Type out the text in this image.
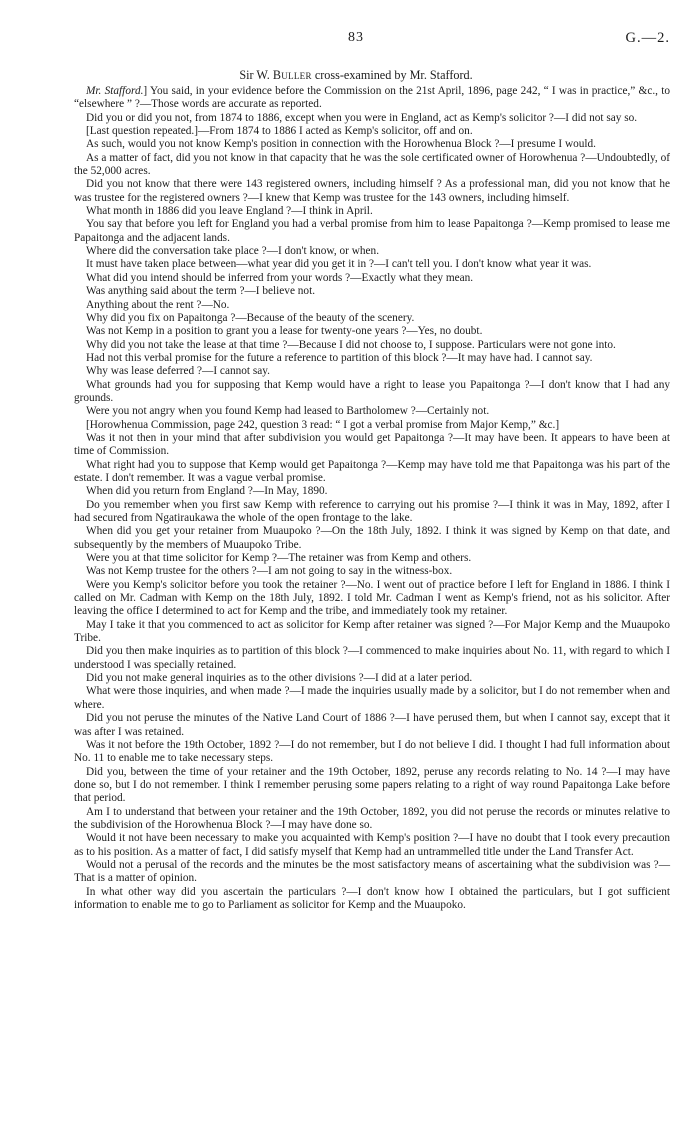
83	G.—2.
Sir W. Buller cross-examined by Mr. Stafford.

Mr. Stafford.] You said, in your evidence before the Commission on the 21st April, 1896, page 242, “ I was in practice,” &c., to “elsewhere ” ?—Those words are accurate as reported.

Did you or did you not, from 1874 to 1886, except when you were in England, act as Kemp's solicitor ?—I did not say so.

[Last question repeated.]—From 1874 to 1886 I acted as Kemp's solicitor, off and on.

As such, would you not know Kemp's position in connection with the Horowhenua Block ?—I presume I would.

As a matter of fact, did you not know in that capacity that he was the sole certificated owner of Horowhenua ?—Undoubtedly, of the 52,000 acres.

Did you not know that there were 143 registered owners, including himself ? As a professional man, did you not know that he was trustee for the registered owners ?—I knew that Kemp was trustee for the 143 owners, including himself.

What month in 1886 did you leave England ?—I think in April.

You say that before you left for England you had a verbal promise from him to lease Papaitonga ?—Kemp promised to lease me Papaitonga and the adjacent lands.

Where did the conversation take place ?—I don't know, or when.

It must have taken place between—what year did you get it in ?—I can't tell you. I don't know what year it was.

What did you intend should be inferred from your words ?—Exactly what they mean.

Was anything said about the term ?—I believe not.

Anything about the rent ?—No.

Why did you fix on Papaitonga ?—Because of the beauty of the scenery.

Was not Kemp in a position to grant you a lease for twenty-one years ?—Yes, no doubt.

Why did you not take the lease at that time ?—Because I did not choose to, I suppose. Particulars were not gone into.

Had not this verbal promise for the future a reference to partition of this block ?—It may have had. I cannot say.

Why was lease deferred ?—I cannot say.

What grounds had you for supposing that Kemp would have a right to lease you Papaitonga ?—I don't know that I had any grounds.

Were you not angry when you found Kemp had leased to Bartholomew ?—Certainly not.

[Horowhenua Commission, page 242, question 3 read: “ I got a verbal promise from Major Kemp,” &c.]

Was it not then in your mind that after subdivision you would get Papaitonga ?—It may have been. It appears to have been at time of Commission.

What right had you to suppose that Kemp would get Papaitonga ?—Kemp may have told me that Papaitonga was his part of the estate. I don't remember. It was a vague verbal promise.

When did you return from England ?—In May, 1890.

Do you remember when you first saw Kemp with reference to carrying out his promise ?—I think it was in May, 1892, after I had secured from Ngatiraukawa the whole of the open frontage to the lake.

When did you get your retainer from Muaupoko ?—On the 18th July, 1892. I think it was signed by Kemp on that date, and subsequently by the members of Muaupoko Tribe.

Were you at that time solicitor for Kemp ?—The retainer was from Kemp and others.

Was not Kemp trustee for the others ?—I am not going to say in the witness-box.

Were you Kemp's solicitor before you took the retainer ?—No. I went out of practice before I left for England in 1886. I think I called on Mr. Cadman with Kemp on the 18th July, 1892. I told Mr. Cadman I went as Kemp's friend, not as his solicitor. After leaving the office I determined to act for Kemp and the tribe, and immediately took my retainer.

May I take it that you commenced to act as solicitor for Kemp after retainer was signed ?—For Major Kemp and the Muaupoko Tribe.

Did you then make inquiries as to partition of this block ?—I commenced to make inquiries about No. 11, with regard to which I understood I was specially retained.

Did you not make general inquiries as to the other divisions ?—I did at a later period.

What were those inquiries, and when made ?—I made the inquiries usually made by a solicitor, but I do not remember when and where.

Did you not peruse the minutes of the Native Land Court of 1886 ?—I have perused them, but when I cannot say, except that it was after I was retained.

Was it not before the 19th October, 1892 ?—I do not remember, but I do not believe I did. I thought I had full information about No. 11 to enable me to take necessary steps.

Did you, between the time of your retainer and the 19th October, 1892, peruse any records relating to No. 14 ?—I may have done so, but I do not remember. I think I remember perusing some papers relating to a right of way round Papaitonga Lake before that period.

Am I to understand that between your retainer and the 19th October, 1892, you did not peruse the records or minutes relative to the subdivision of the Horowhenua Block ?—I may have done so.

Would it not have been necessary to make you acquainted with Kemp's position ?—I have no doubt that I took every precaution as to his position. As a matter of fact, I did satisfy myself that Kemp had an untrammelled title under the Land Transfer Act.

Would not a perusal of the records and the minutes be the most satisfactory means of ascertaining what the subdivision was ?—That is a matter of opinion.

In what other way did you ascertain the particulars ?—I don't know how I obtained the particulars, but I got sufficient information to enable me to go to Parliament as solicitor for Kemp and the Muaupoko.
